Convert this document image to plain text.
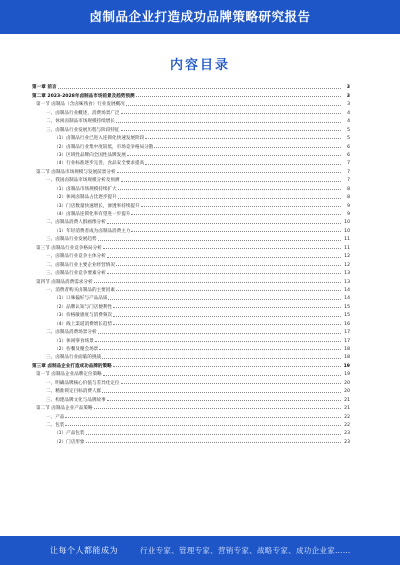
卤制品企业打造成功品牌策略研究报告
内容目录
第一章 前言	3
第二章 2023-2028年卤制品市场前景及趋势预测	3
第一节 卤制品（含卤味熟食）行业发展概况	3
一、卤制品行业概述，消费场景广泛	4
二、休闲卤制品市场规模持续增长	4
三、卤制品行业发展历程与阶段特征	5
（1）卤制品行业已进入连锁化快速发展阶段	5
（2）卤制品行业集中度较低，市场竞争格局分散	6
（3）区域性品牌向全国性品牌发展	6
（4）行业标准逐步完善，食品安全要求提高	7
第二节 卤制品市场规模与发展前景分析	7
一、我国卤制品市场规模分析及预测	7
（1）卤制品市场规模持续扩大	8
（2）休闲卤制品占比逐步提升	8
（3）门店数量快速增长，渗透率持续提升	9
（4）卤制品连锁化率有望进一步提升	9
二、卤制品消费人群画像分析	10
（1）年轻消费者成为卤制品消费主力	10
三、卤制品行业发展趋势	11
第三节 卤制品行业竞争格局分析	11
一、卤制品行业竞争主体分析	12
二、卤制品行业主要企业经营情况	12
三、卤制品行业竞争要素分析	13
第四节 卤制品消费需求分析	13
一、消费者购买卤制品的主要因素	14
（1）口味偏好与产品品质	14
（2）品牌认知与门店便利性	15
（3）价格敏感度与消费频次	15
（4）线上渠道消费增长趋势	16
二、卤制品消费场景分析	17
（1）休闲零食场景	17
（2）佐餐及聚会场景	18
三、卤制品行业面临的挑战	18
第三章 卤制品企业打造成功品牌的策略	19
第一节 卤制品企业品牌定位策略	19
一、明确品牌核心价值与差异化定位	20
二、精准锁定目标消费人群	20
三、构建品牌文化与品牌故事	21
第二节 卤制品企业产品策略	21
一、产品	22
二、包装	22
（1）产品包装	23
（2）门店形象	23
让每个人都能成为	行业专家、管理专家、营销专家、战略专家、成功企业家……
